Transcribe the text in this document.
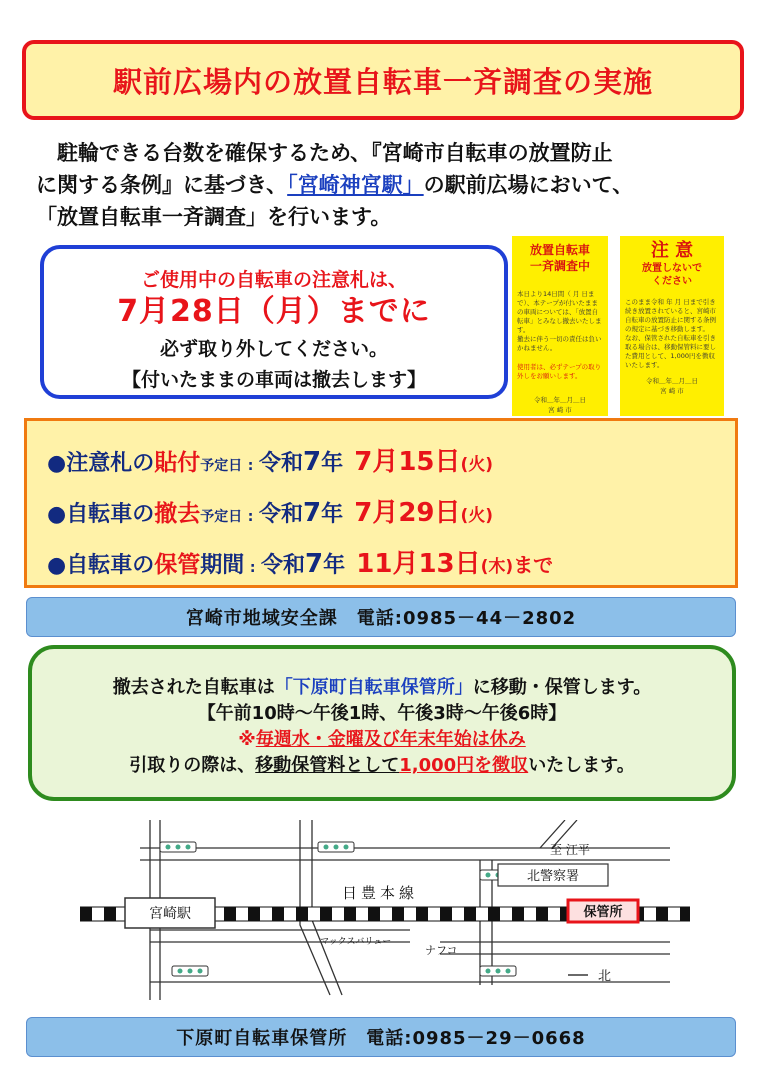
駅前広場内の放置自転車一斉調査の実施
　駐輪できる台数を確保するため、『宮崎市自転車の放置防止
に関する条例』に基づき、「宮崎神宮駅」の駅前広場において、
「放置自転車一斉調査」を行います。
ご使用中の自転車の注意札は、
7月28日（月）までに
必ず取り外してください。
【付いたままの車両は撤去します】
放置自転車
一斉調査中
本日より14日間（ 月 日まで）、本テープが付いたままの車両については、「放置自転車」とみなし撤去いたします。
撤去に伴う一切の責任は負いかねません。
使用者は、必ずテープの取り外しをお願いします。
令和＿年＿月＿日
宮 崎 市
注 意
放置しないで
ください
このまま令和 年 月 日まで引き続き放置されていると、宮崎市自転車の放置防止に関する条例の規定に基づき移動します。
なお、保管された自転車を引き取る場合は、移動保管料に要した費用として、1,000円を徴収いたします。
令和＿年＿月＿日
宮 崎 市
●注意札の貼付予定日 : 令和7年 7月15日(火)
●自転車の撤去予定日 : 令和7年 7月29日(火)
●自転車の保管期間 : 令和7年 11月13日(木)まで
宮崎市地域安全課　電話:0985－44－2802

撤去された自転車は「下原町自転車保管所」に移動・保管します。

【午前10時～午後1時、午後3時～午後6時】

※毎週水・金曜及び年末年始は休み

引取りの際は、移動保管料として1,000円を徴収いたします。

宮崎駅
日豊本線
至 江平
北警察署
保管所
マックスバリュー
ナフコ
北
下原町自転車保管所　電話:0985－29－0668
